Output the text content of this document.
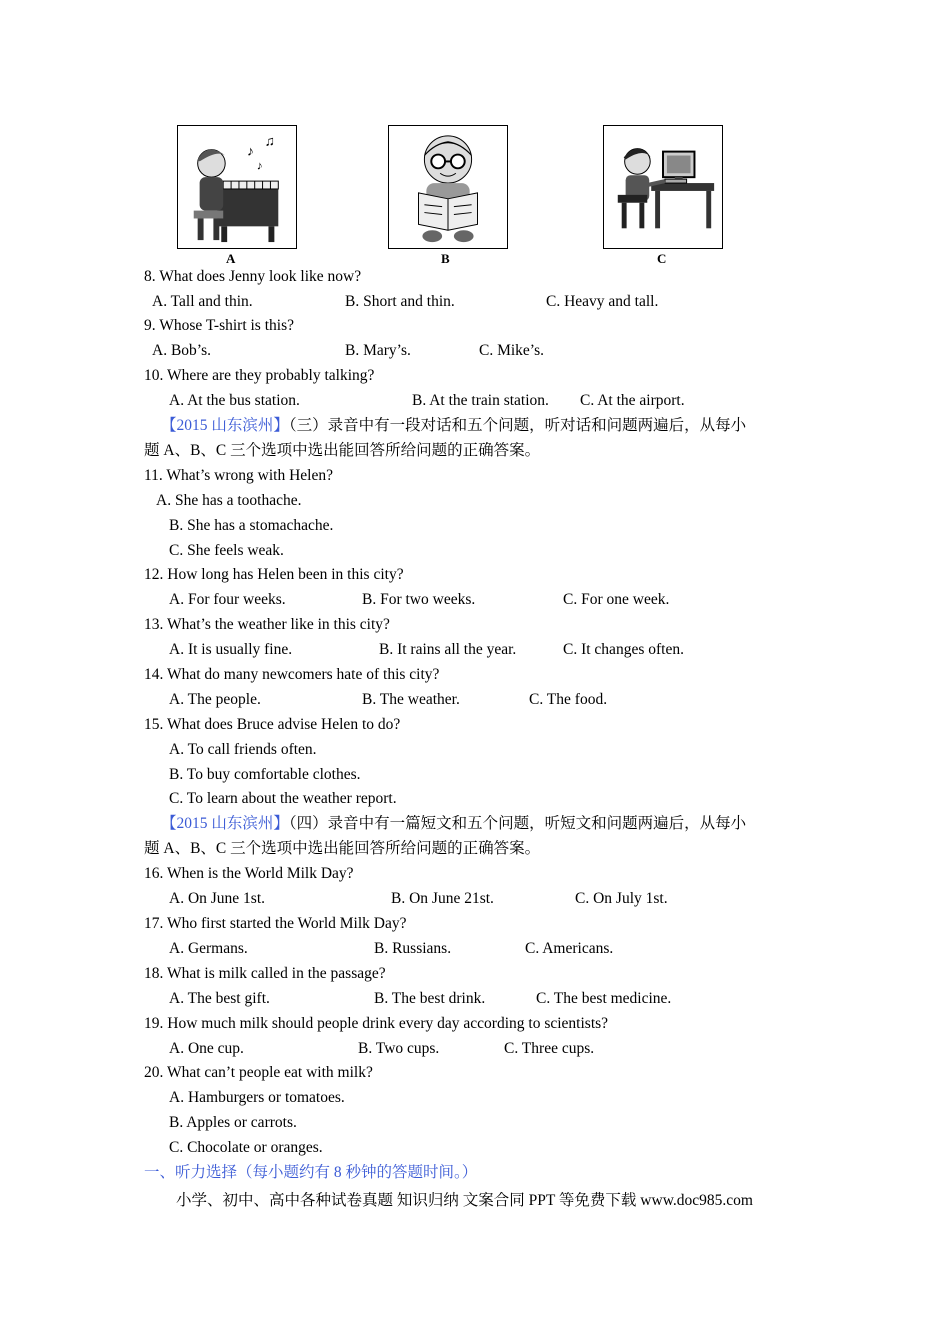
♪
♫
♪
A	B	C
8. What does Jenny look like now?
A. Tall and thin.	B. Short and thin.	C. Heavy and tall.
9. Whose T-shirt is this?
A. Bob’s.	B. Mary’s.	C. Mike’s.
10. Where are they probably talking?
A. At the bus station.	B. At the train station. C. At the airport.
【2015 山东滨州】（三）录音中有一段对话和五个问题，听对话和问题两遍后，从每小
题 A、B、C 三个选项中选出能回答所给问题的正确答案。
11. What’s wrong with Helen?
A. She has a toothache.
B. She has a stomachache.
C. She feels weak.
12. How long has Helen been in this city?
A. For four weeks.	B. For two weeks.	C. For one week.
13. What’s the weather like in this city?
A. It is usually fine.	B. It rains all the year.	C. It changes often.
14. What do many newcomers hate of this city?
A. The people.	B. The weather.	C. The food.
15. What does Bruce advise Helen to do?
A. To call friends often.
B. To buy comfortable clothes.
C. To learn about the weather report.
【2015 山东滨州】（四）录音中有一篇短文和五个问题，听短文和问题两遍后，从每小
题 A、B、C 三个选项中选出能回答所给问题的正确答案。
16. When is the World Milk Day?
A. On June 1st.	B. On June 21st.	C. On July 1st.
17. Who first started the World Milk Day?
A. Germans.	B. Russians.	C. Americans.
18. What is milk called in the passage?
A. The best gift.	B. The best drink.	C. The best medicine.
19. How much milk should people drink every day according to scientists?
A. One cup.	B. Two cups.	C. Three cups.
20. What can’t people eat with milk?
A. Hamburgers or tomatoes.
B. Apples or carrots.
C. Chocolate or oranges.
一、听力选择（每小题约有 8 秒钟的答题时间。）
小学、初中、高中各种试卷真题 知识归纳 文案合同 PPT 等免费下载 www.doc985.com
